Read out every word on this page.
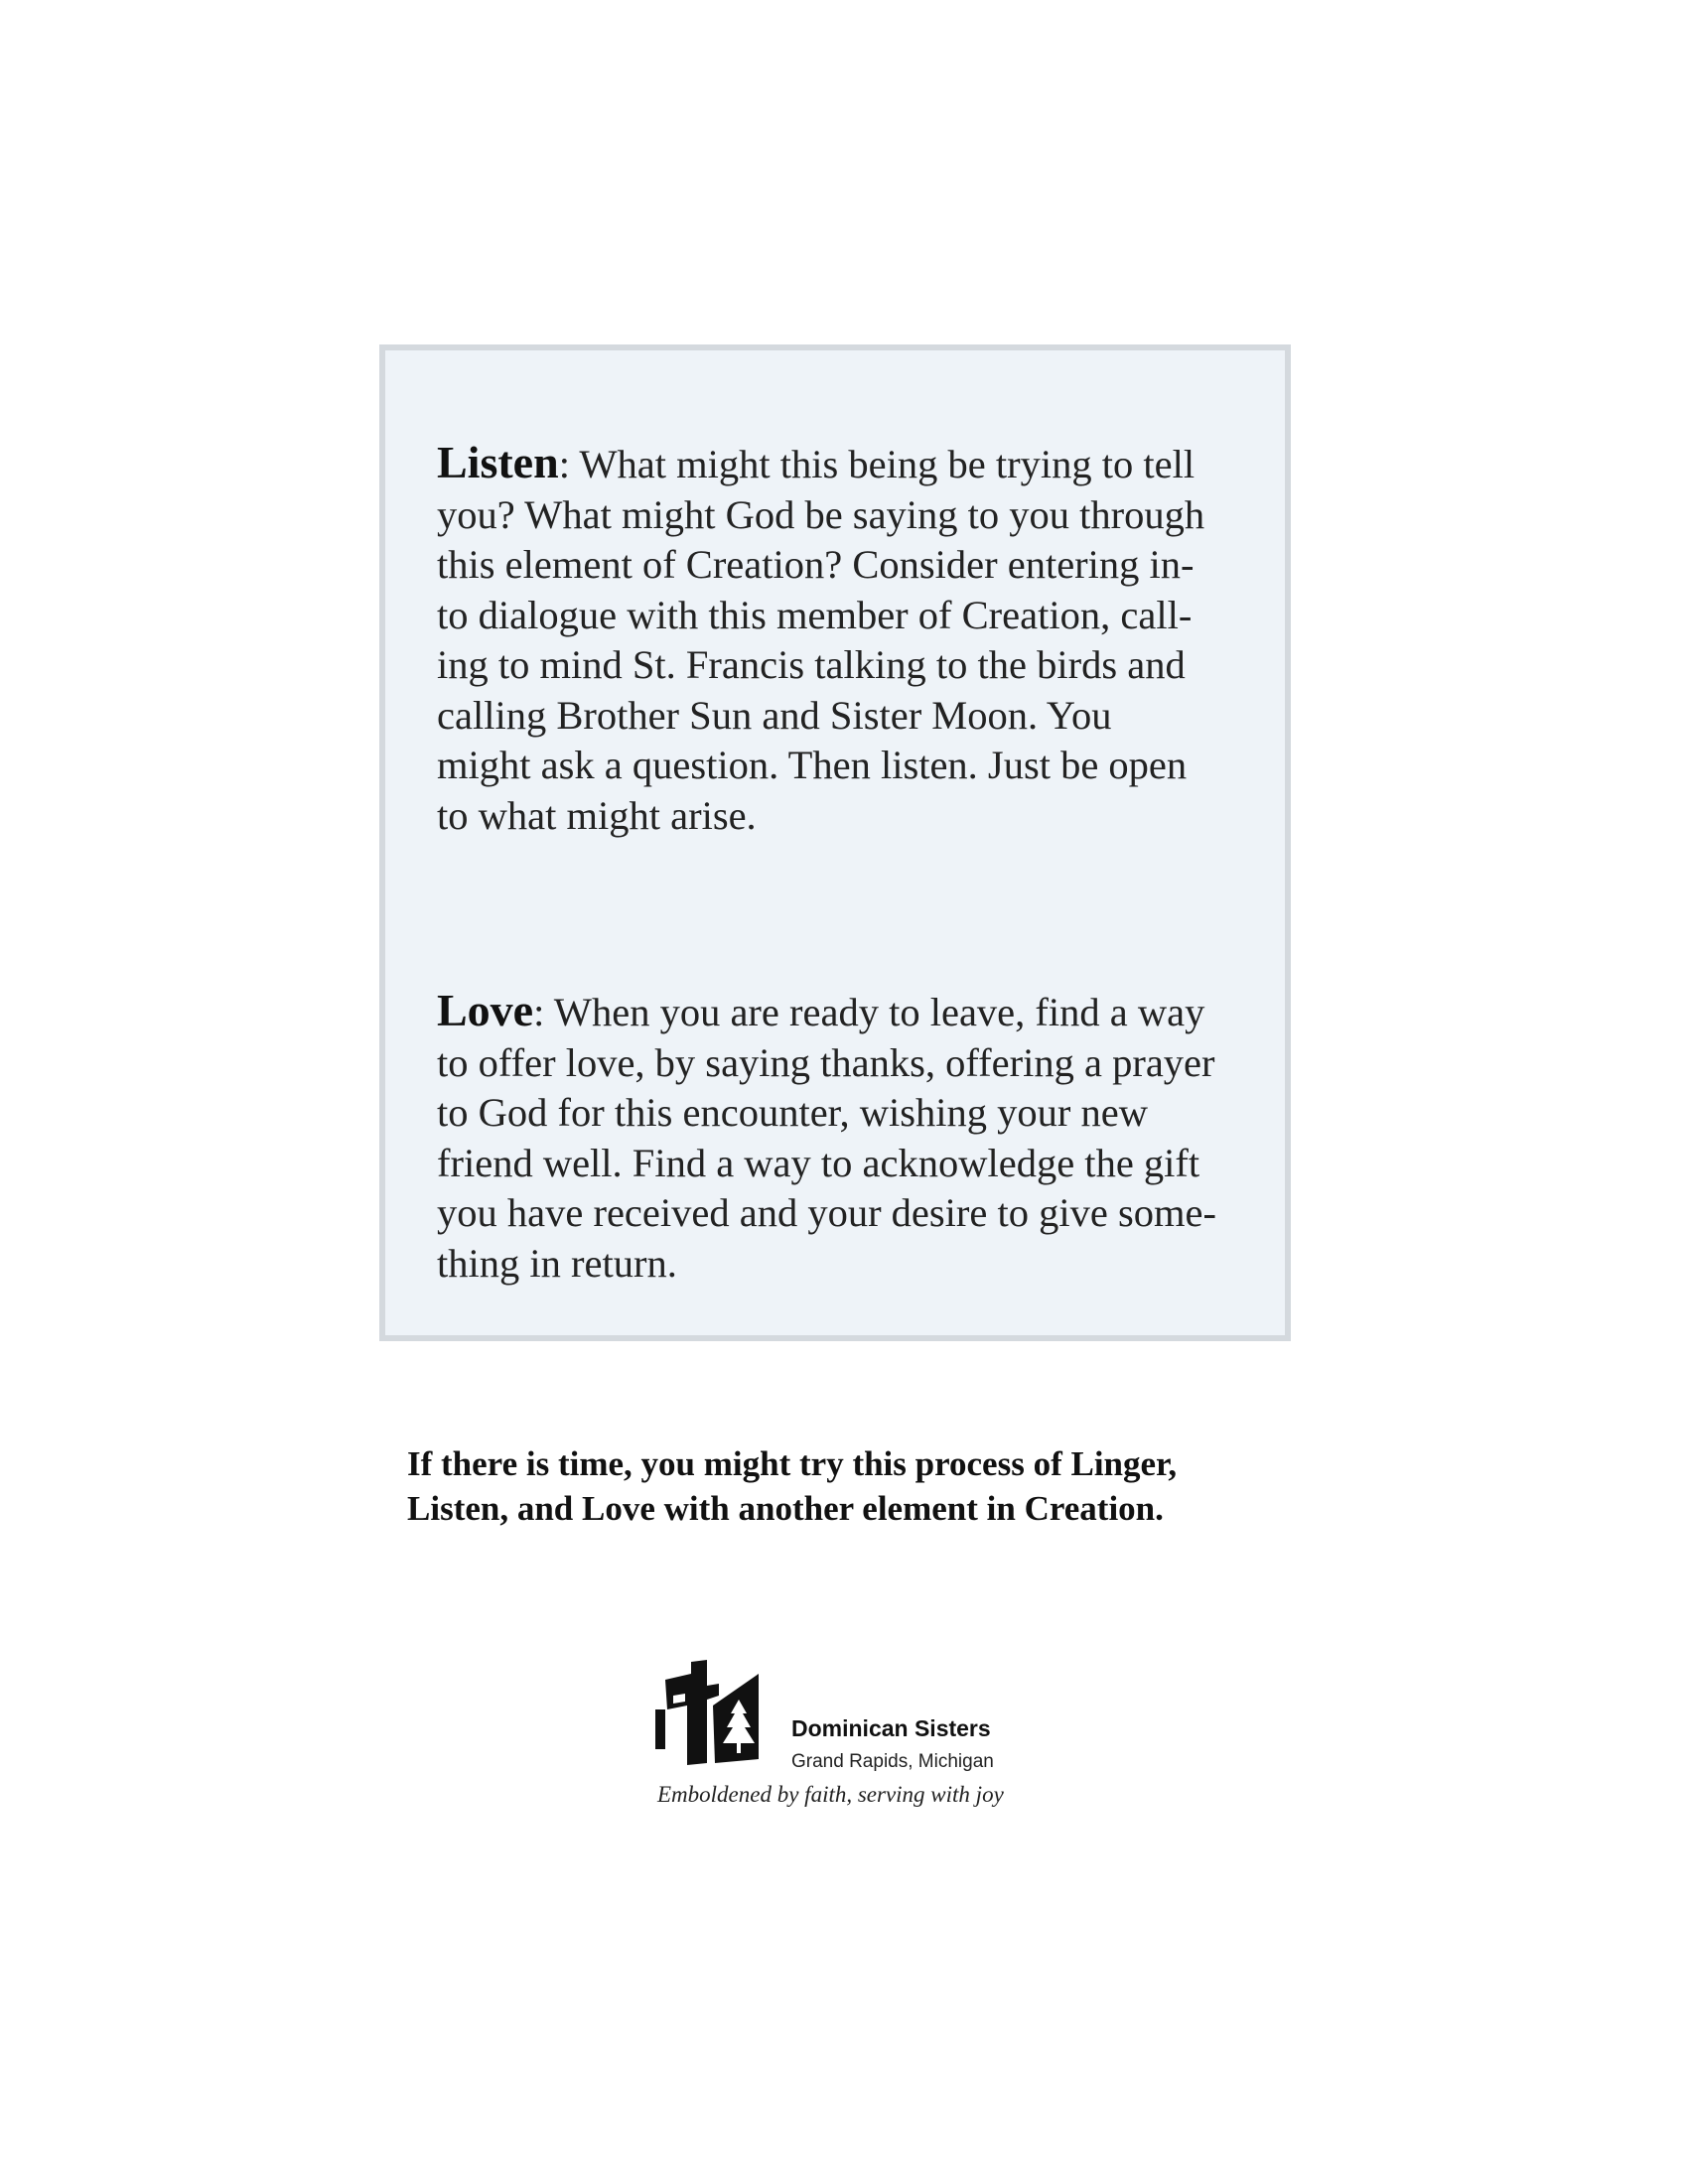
Listen: What might this being be trying to tell
you? What might God be saying to you through
this element of Creation? Consider entering in-
to dialogue with this member of Creation, call-
ing to mind St. Francis talking to the birds and
calling Brother Sun and Sister Moon. You
might ask a question. Then listen. Just be open
to what might arise.

Love: When you are ready to leave, find a way
to offer love, by saying thanks, offering a prayer
to God for this encounter, wishing your new
friend well. Find a way to acknowledge the gift
you have received and your desire to give some-
thing in return.

If there is time, you might try this process of Linger,
Listen, and Love with another element in Creation.

Dominican Sisters
Grand Rapids, Michigan
Emboldened by faith, serving with joy
